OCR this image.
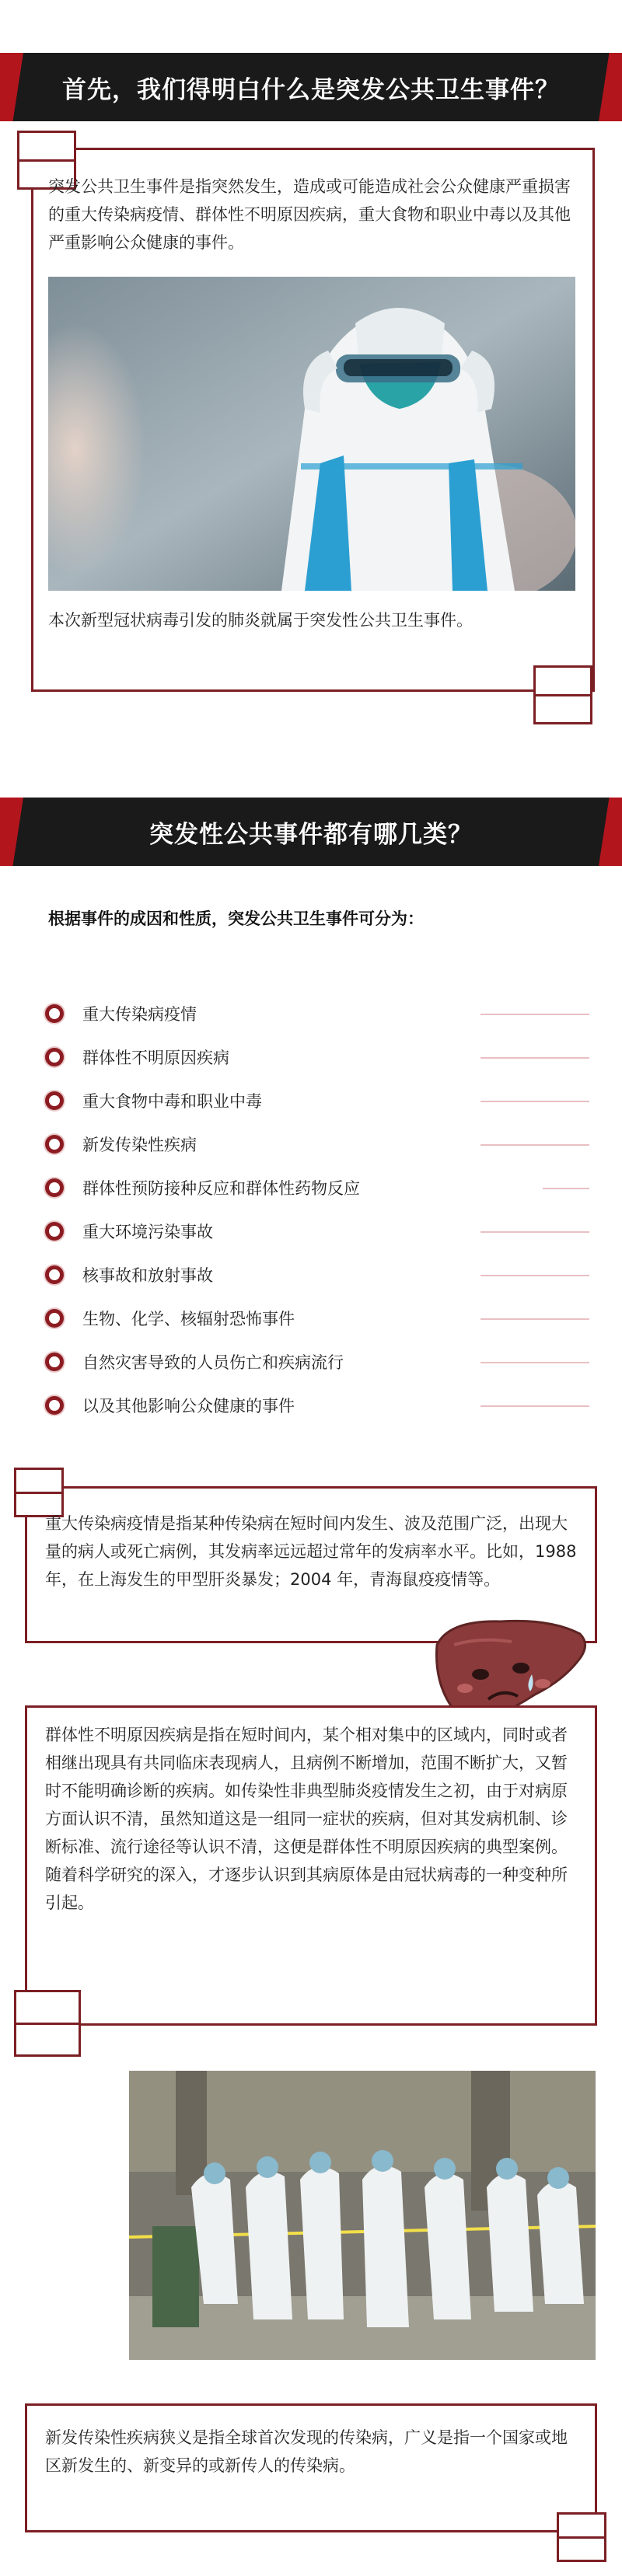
首先，我们得明白什么是突发公共卫生事件？
突发公共卫生事件是指突然发生，造成或可能造成社会公众健康严重损害的重大传染病疫情、群体性不明原因疾病，重大食物和职业中毒以及其他严重影响公众健康的事件。
本次新型冠状病毒引发的肺炎就属于突发性公共卫生事件。
突发性公共事件都有哪几类？
根据事件的成因和性质，突发公共卫生事件可分为：
重大传染病疫情
群体性不明原因疾病
重大食物中毒和职业中毒
新发传染性疾病
群体性预防接种反应和群体性药物反应
重大环境污染事故
核事故和放射事故
生物、化学、核辐射恐怖事件
自然灾害导致的人员伤亡和疾病流行
以及其他影响公众健康的事件
重大传染病疫情是指某种传染病在短时间内发生、波及范围广泛，出现大量的病人或死亡病例，其发病率远远超过常年的发病率水平。比如，1988 年，在上海发生的甲型肝炎暴发；2004 年，青海鼠疫疫情等。
群体性不明原因疾病是指在短时间内，某个相对集中的区域内，同时或者相继出现具有共同临床表现病人，且病例不断增加，范围不断扩大，又暂时不能明确诊断的疾病。如传染性非典型肺炎疫情发生之初，由于对病原方面认识不清，虽然知道这是一组同一症状的疾病，但对其发病机制、诊断标准、流行途径等认识不清，这便是群体性不明原因疾病的典型案例。随着科学研究的深入，才逐步认识到其病原体是由冠状病毒的一种变种所引起。
新发传染性疾病狭义是指全球首次发现的传染病，广义是指一个国家或地区新发生的、新变异的或新传人的传染病。
